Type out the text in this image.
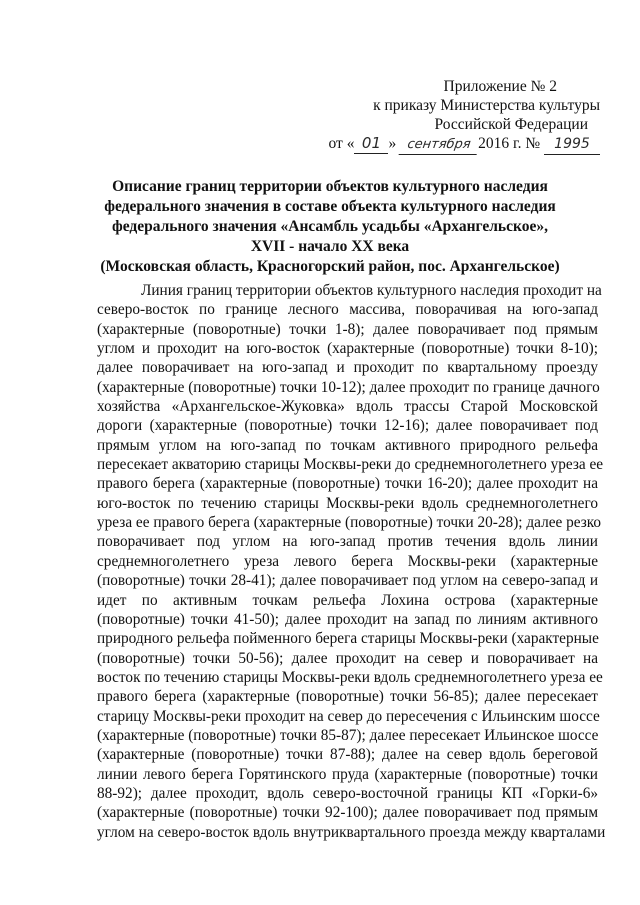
Приложение № 2
к приказу Министерства культуры
Российской Федерации
от « 01 » сентября 2016 г. № 1995
Описание границ территории объектов культурного наследия
федерального значения в составе объекта культурного наследия
федерального значения «Ансамбль усадьбы «Архангельское»,
XVII - начало XX века
(Московская область, Красногорский район, пос. Архангельское)
Линия границ территории объектов культурного наследия проходит на
северо-восток по границе лесного массива, поворачивая на юго-запад
(характерные (поворотные) точки 1-8); далее поворачивает под прямым
углом и проходит на юго-восток (характерные (поворотные) точки 8-10);
далее поворачивает на юго-запад и проходит по квартальному проезду
(характерные (поворотные) точки 10-12); далее проходит по границе дачного
хозяйства «Архангельское-Жуковка» вдоль трассы Старой Московской
дороги (характерные (поворотные) точки 12-16); далее поворачивает под
прямым углом на юго-запад по точкам активного природного рельефа
пересекает акваторию старицы Москвы-реки до среднемноголетнего уреза ее
правого берега (характерные (поворотные) точки 16-20); далее проходит на
юго-восток по течению старицы Москвы-реки вдоль среднемноголетнего
уреза ее правого берега (характерные (поворотные) точки 20-28); далее резко
поворачивает под углом на юго-запад против течения вдоль линии
среднемноголетнего уреза левого берега Москвы-реки (характерные
(поворотные) точки 28-41); далее поворачивает под углом на северо-запад и
идет по активным точкам рельефа Лохина острова (характерные
(поворотные) точки 41-50); далее проходит на запад по линиям активного
природного рельефа пойменного берега старицы Москвы-реки (характерные
(поворотные) точки 50-56); далее проходит на север и поворачивает на
восток по течению старицы Москвы-реки вдоль среднемноголетнего уреза ее
правого берега (характерные (поворотные) точки 56-85); далее пересекает
старицу Москвы-реки проходит на север до пересечения с Ильинским шоссе
(характерные (поворотные) точки 85-87); далее пересекает Ильинское шоссе
(характерные (поворотные) точки 87-88); далее на север вдоль береговой
линии левого берега Горятинского пруда (характерные (поворотные) точки
88-92); далее проходит, вдоль северо-восточной границы КП «Горки-6»
(характерные (поворотные) точки 92-100); далее поворачивает под прямым
углом на северо-восток вдоль внутриквартального проезда между кварталами
